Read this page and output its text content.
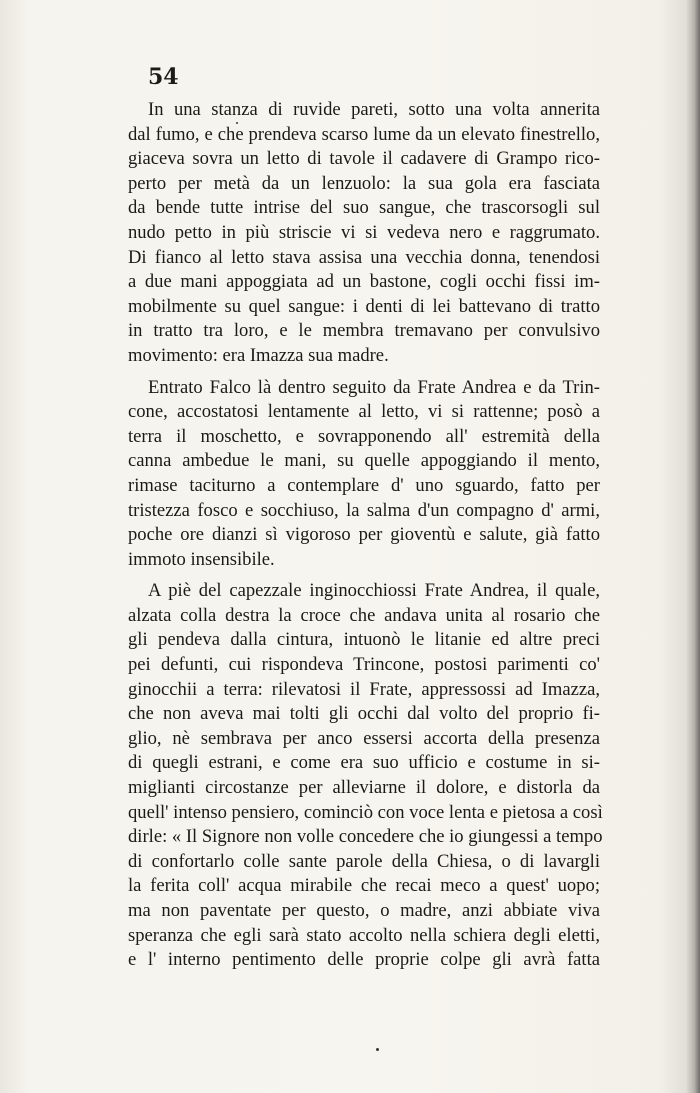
54

In una stanza di ruvide pareti, sotto una volta annerita
dal fumo, e che prendeva scarso lume da un elevato finestrello,
giaceva sovra un letto di tavole il cadavere di Grampo rico-
perto per metà da un lenzuolo: la sua gola era fasciata
da bende tutte intrise del suo sangue, che trascorsogli sul
nudo petto in più striscie vi si vedeva nero e raggrumato.
Di fianco al letto stava assisa una vecchia donna, tenendosi
a due mani appoggiata ad un bastone, cogli occhi fissi im-
mobilmente su quel sangue: i denti di lei battevano di tratto
in tratto tra loro, e le membra tremavano per convulsivo
movimento: era Imazza sua madre.

Entrato Falco là dentro seguito da Frate Andrea e da Trin-
cone, accostatosi lentamente al letto, vi si rattenne; posò a
terra il moschetto, e sovrapponendo all' estremità della
canna ambedue le mani, su quelle appoggiando il mento,
rimase taciturno a contemplare d' uno sguardo, fatto per
tristezza fosco e socchiuso, la salma d'un compagno d' armi,
poche ore dianzi sì vigoroso per gioventù e salute, già fatto
immoto insensibile.

A piè del capezzale inginocchiossi Frate Andrea, il quale,
alzata colla destra la croce che andava unita al rosario che
gli pendeva dalla cintura, intuonò le litanie ed altre preci
pei defunti, cui rispondeva Trincone, postosi parimenti co'
ginocchii a terra: rilevatosi il Frate, appressossi ad Imazza,
che non aveva mai tolti gli occhi dal volto del proprio fi-
glio, nè sembrava per anco essersi accorta della presenza
di quegli estrani, e come era suo ufficio e costume in si-
miglianti circostanze per alleviarne il dolore, e distorla da
quell' intenso pensiero, cominciò con voce lenta e pietosa a così
dirle: « Il Signore non volle concedere che io giungessi a tempo
di confortarlo colle sante parole della Chiesa, o di lavargli
la ferita coll' acqua mirabile che recai meco a quest' uopo;
ma non paventate per questo, o madre, anzi abbiate viva
speranza che egli sarà stato accolto nella schiera degli eletti,
e l' interno pentimento delle proprie colpe gli avrà fatta
